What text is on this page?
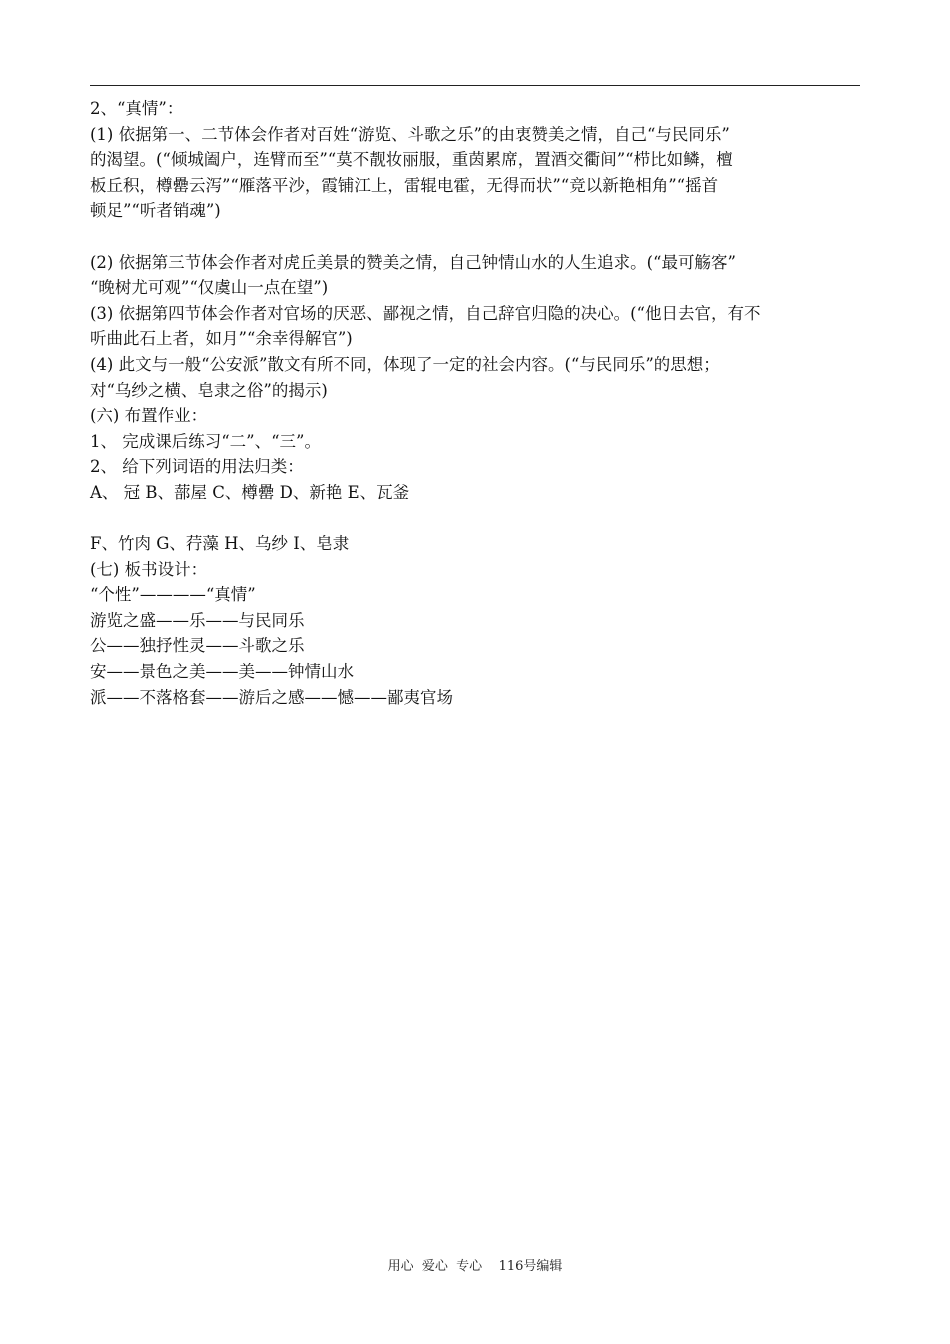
2、“真情”：
(1) 依据第一、二节体会作者对百姓“游览、斗歌之乐”的由衷赞美之情，自己“与民同乐”
的渴望。(“倾城阖户，连臂而至”“莫不靓妆丽服，重茵累席，置酒交衢间”“栉比如鳞，檀
板丘积，樽罍云泻”“雁落平沙，霞铺江上，雷辊电霍，无得而状”“竞以新艳相角”“摇首
顿足”“听者销魂”)
(2) 依据第三节体会作者对虎丘美景的赞美之情，自己钟情山水的人生追求。(“最可觞客”
“晚树尤可观”“仅虞山一点在望”)
(3) 依据第四节体会作者对官场的厌恶、鄙视之情，自己辞官归隐的决心。(“他日去官，有不
听曲此石上者，如月”“余幸得解官”)
(4) 此文与一般“公安派”散文有所不同，体现了一定的社会内容。(“与民同乐”的思想；
对“乌纱之横、皂隶之俗”的揭示)
(六) 布置作业：
1、 完成课后练习“二”、“三”。
2、 给下列词语的用法归类：
A、 冠 B、蔀屋 C、樽罍 D、新艳 E、瓦釜
F、竹肉 G、荇藻 H、乌纱 I、皂隶
(七) 板书设计：
“个性”————“真情”
游览之盛——乐——与民同乐
公——独抒性灵——斗歌之乐
安——景色之美——美——钟情山水
派——不落格套——游后之感——憾——鄙夷官场
用心  爱心  专心    116号编辑
